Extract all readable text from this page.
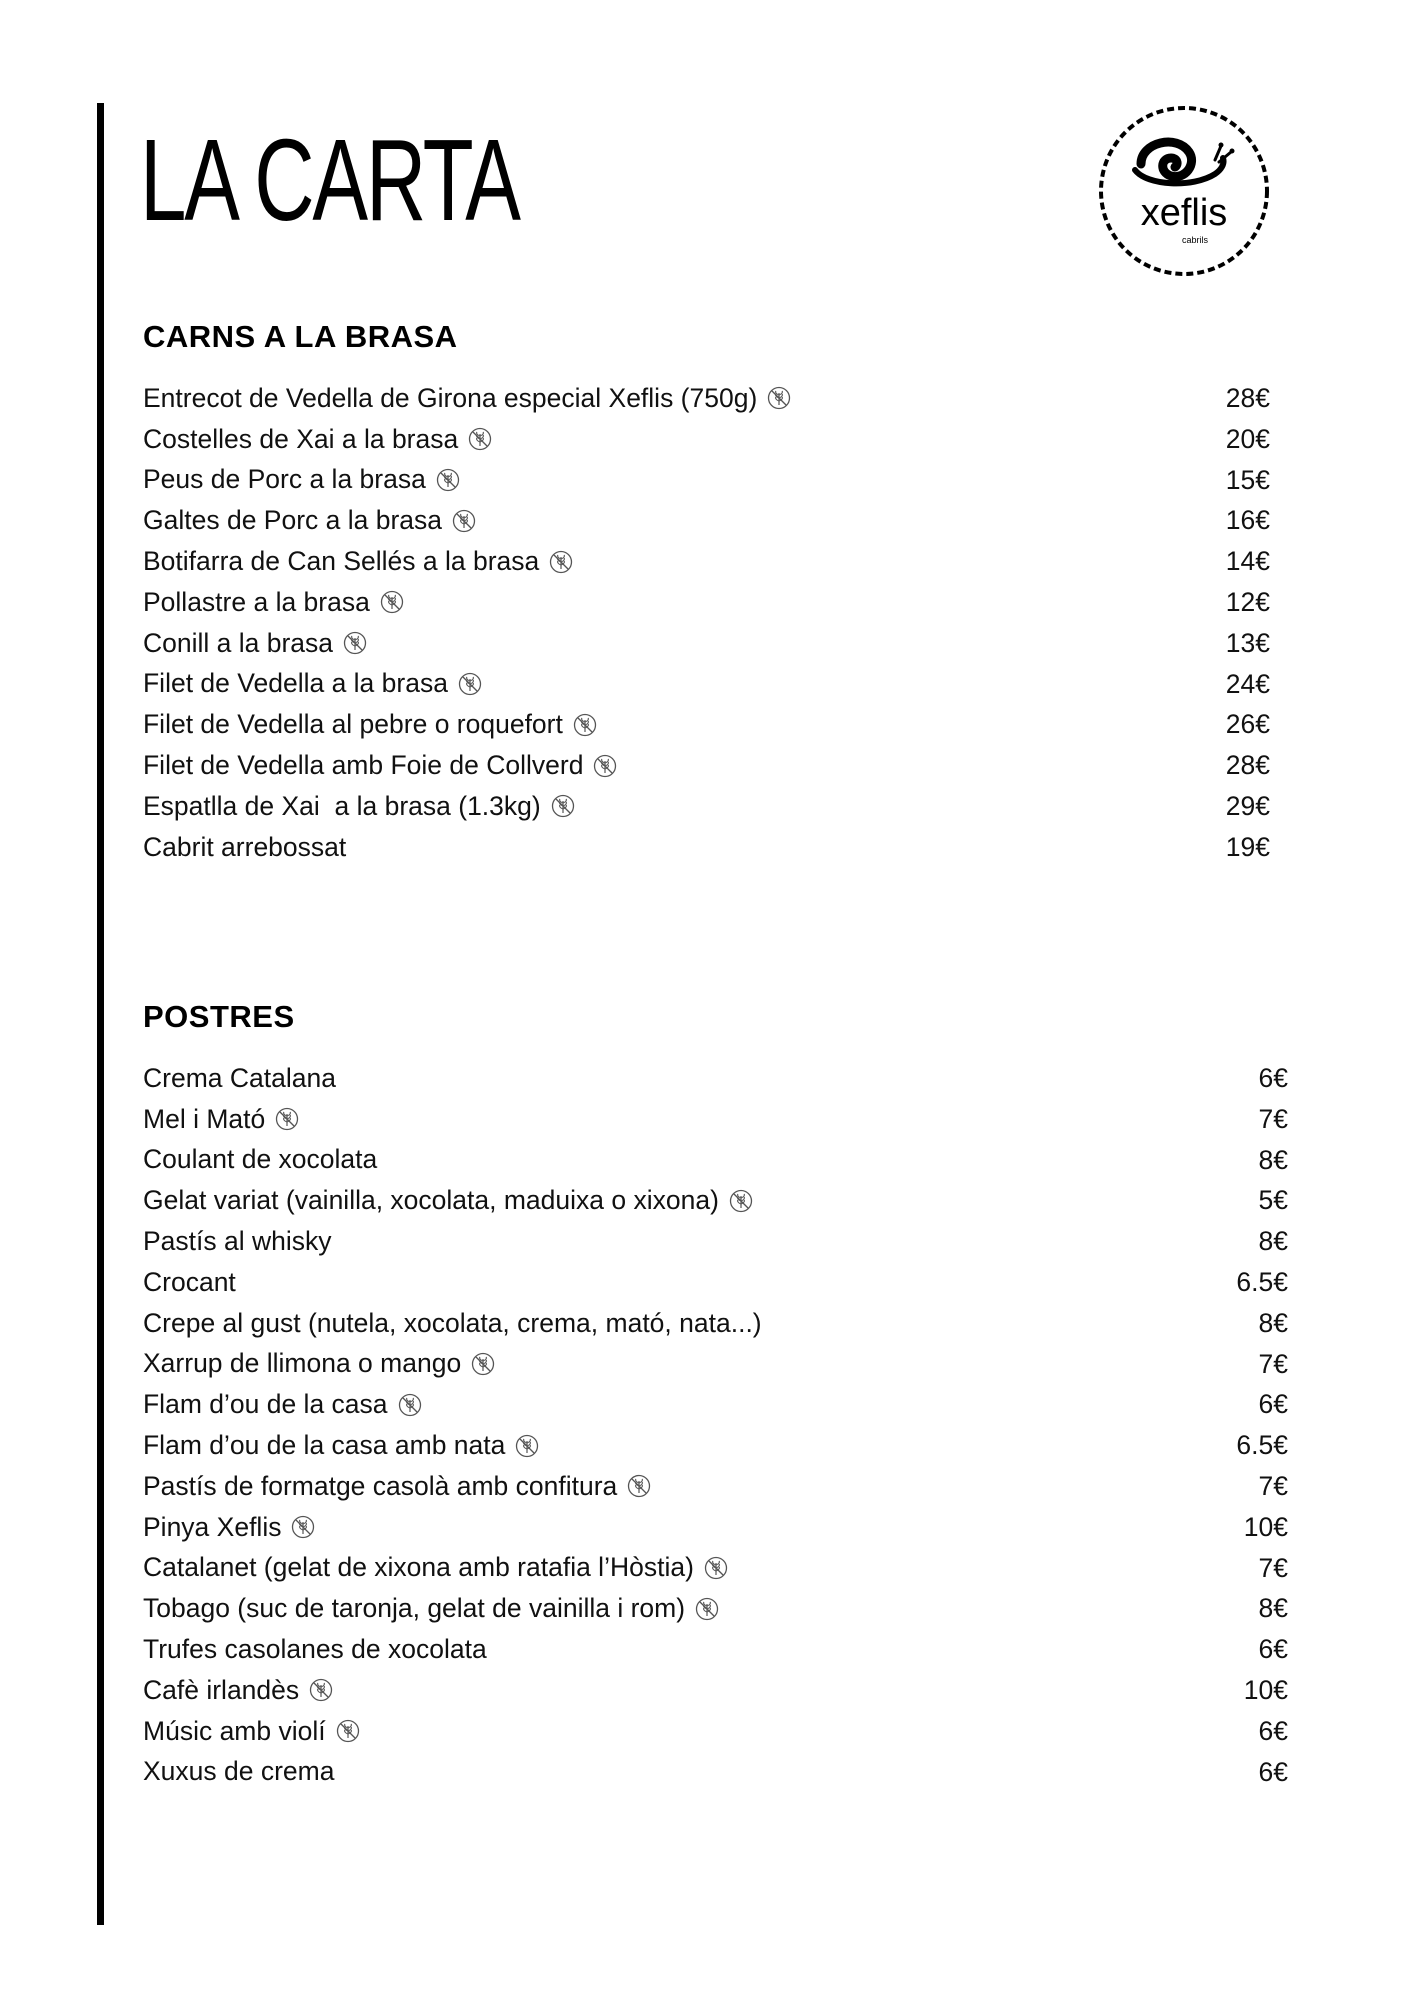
LA CARTA	xeflis
cabrils
CARNS A LA BRASA
Entrecot de Vedella de Girona especial Xeflis (750g)	28€
Costelles de Xai a la brasa	20€
Peus de Porc a la brasa	15€
Galtes de Porc a la brasa	16€
Botifarra de Can Sellés a la brasa	14€
Pollastre a la brasa	12€
Conill a la brasa	13€
Filet de Vedella a la brasa	24€
Filet de Vedella al pebre o roquefort	26€
Filet de Vedella amb Foie de Collverd	28€
Espatlla de Xai  a la brasa (1.3kg)	29€
Cabrit arrebossat	19€
POSTRES
Crema Catalana	6€
Mel i Mató	7€
Coulant de xocolata	8€
Gelat variat (vainilla, xocolata, maduixa o xixona)	5€
Pastís al whisky	8€
Crocant	6.5€
Crepe al gust (nutela, xocolata, crema, mató, nata...)	8€
Xarrup de llimona o mango	7€
Flam d’ou de la casa	6€
Flam d’ou de la casa amb nata	6.5€
Pastís de formatge casolà amb confitura	7€
Pinya Xeflis	10€
Catalanet (gelat de xixona amb ratafia l’Hòstia)	7€
Tobago (suc de taronja, gelat de vainilla i rom)	8€
Trufes casolanes de xocolata	6€
Cafè irlandès	10€
Músic amb violí	6€
Xuxus de crema	6€
